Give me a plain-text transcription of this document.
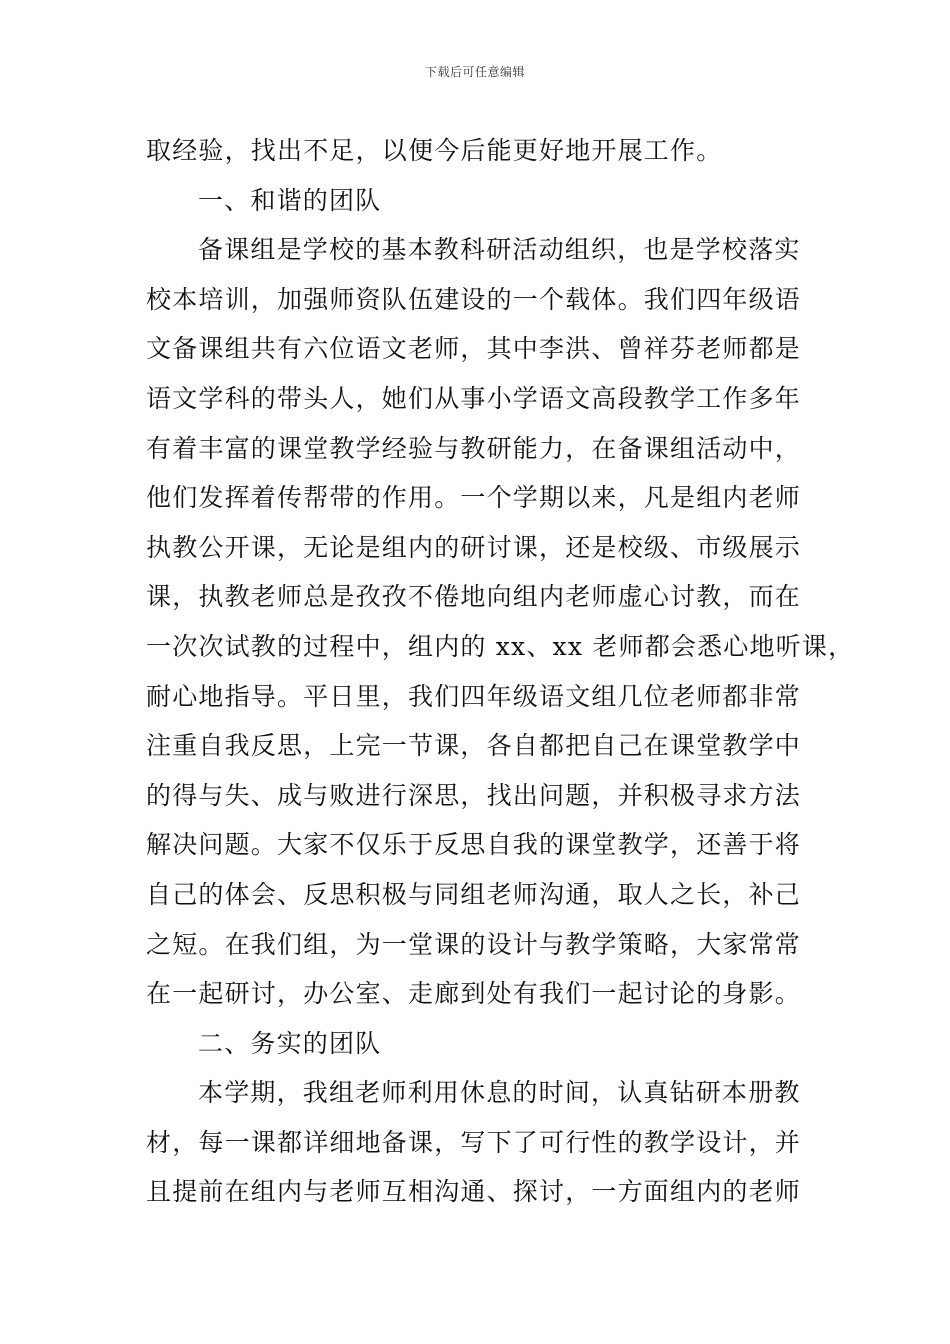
下载后可任意编辑
取经验，找出不足，以便今后能更好地开展工作。
一、和谐的团队
备课组是学校的基本教科研活动组织，也是学校落实
校本培训，加强师资队伍建设的一个载体。我们四年级语
文备课组共有六位语文老师，其中李洪、曾祥芬老师都是
语文学科的带头人，她们从事小学语文高段教学工作多年
有着丰富的课堂教学经验与教研能力，在备课组活动中，
他们发挥着传帮带的作用。一个学期以来，凡是组内老师
执教公开课，无论是组内的研讨课，还是校级、市级展示
课，执教老师总是孜孜不倦地向组内老师虚心讨教，而在
一次次试教的过程中，组内的 xx、xx 老师都会悉心地听课，
耐心地指导。平日里，我们四年级语文组几位老师都非常
注重自我反思，上完一节课，各自都把自己在课堂教学中
的得与失、成与败进行深思，找出问题，并积极寻求方法
解决问题。大家不仅乐于反思自我的课堂教学，还善于将
自己的体会、反思积极与同组老师沟通，取人之长，补己
之短。在我们组，为一堂课的设计与教学策略，大家常常
在一起研讨，办公室、走廊到处有我们一起讨论的身影。
二、务实的团队
本学期，我组老师利用休息的时间，认真钻研本册教
材，每一课都详细地备课，写下了可行性的教学设计，并
且提前在组内与老师互相沟通、探讨，一方面组内的老师
